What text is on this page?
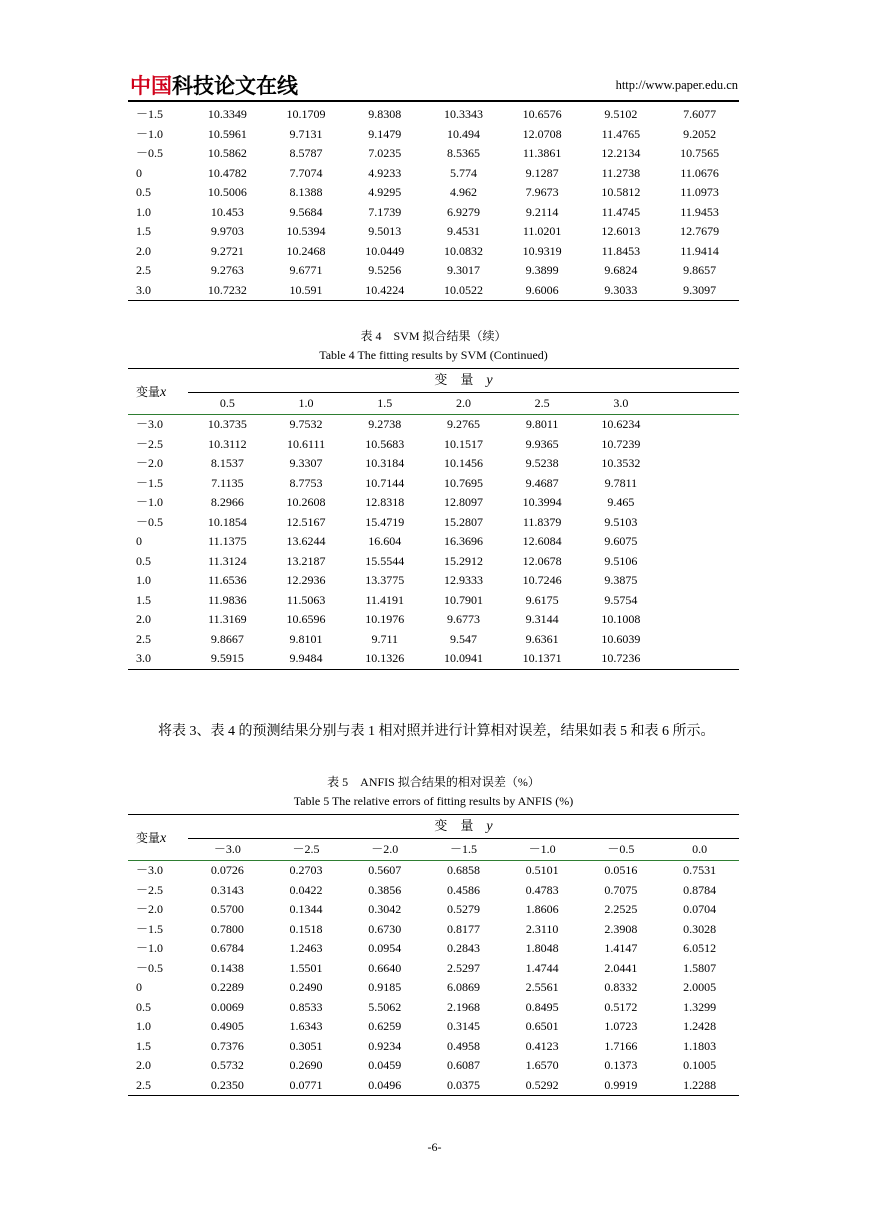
中国科技论文在线	http://www.paper.edu.cn
－1.5	10.3349	10.1709	9.8308	10.3343	10.6576	9.5102	7.6077
－1.0	10.5961	9.7131	9.1479	10.494	12.0708	11.4765	9.2052
－0.5	10.5862	8.5787	7.0235	8.5365	11.3861	12.2134	10.7565
0	10.4782	7.7074	4.9233	5.774	9.1287	11.2738	11.0676
0.5	10.5006	8.1388	4.9295	4.962	7.9673	10.5812	11.0973
1.0	10.453	9.5684	7.1739	6.9279	9.2114	11.4745	11.9453
1.5	9.9703	10.5394	9.5013	9.4531	11.0201	12.6013	12.7679
2.0	9.2721	10.2468	10.0449	10.0832	10.9319	11.8453	11.9414
2.5	9.2763	9.6771	9.5256	9.3017	9.3899	9.6824	9.8657
3.0	10.7232	10.591	10.4224	10.0522	9.6006	9.3033	9.3097
表 4　SVM 拟合结果（续）
Table 4 The fitting results by SVM (Continued)
变量x	变　量　 y						
	0.5	1.0	1.5	2.0	2.5	3.0	
－3.0	10.3735	9.7532	9.2738	9.2765	9.8011	10.6234	
－2.5	10.3112	10.6111	10.5683	10.1517	9.9365	10.7239	
－2.0	8.1537	9.3307	10.3184	10.1456	9.5238	10.3532	
－1.5	7.1135	8.7753	10.7144	10.7695	9.4687	9.7811	
－1.0	8.2966	10.2608	12.8318	12.8097	10.3994	9.465	
－0.5	10.1854	12.5167	15.4719	15.2807	11.8379	9.5103	
0	11.1375	13.6244	16.604	16.3696	12.6084	9.6075	
0.5	11.3124	13.2187	15.5544	15.2912	12.0678	9.5106	
1.0	11.6536	12.2936	13.3775	12.9333	10.7246	9.3875	
1.5	11.9836	11.5063	11.4191	10.7901	9.6175	9.5754	
2.0	11.3169	10.6596	10.1976	9.6773	9.3144	10.1008	
2.5	9.8667	9.8101	9.711	9.547	9.6361	10.6039	
3.0	9.5915	9.9484	10.1326	10.0941	10.1371	10.7236	
将表 3、表 4 的预测结果分别与表 1 相对照并进行计算相对误差，结果如表 5 和表 6 所示。
表 5　ANFIS 拟合结果的相对误差（%）
Table 5 The relative errors of fitting results by ANFIS (%)
变量x	变　量　 y						
	－3.0	－2.5	－2.0	－1.5	－1.0	－0.5	0.0
－3.0	0.0726	0.2703	0.5607	0.6858	0.5101	0.0516	0.7531
－2.5	0.3143	0.0422	0.3856	0.4586	0.4783	0.7075	0.8784
－2.0	0.5700	0.1344	0.3042	0.5279	1.8606	2.2525	0.0704
－1.5	0.7800	0.1518	0.6730	0.8177	2.3110	2.3908	0.3028
－1.0	0.6784	1.2463	0.0954	0.2843	1.8048	1.4147	6.0512
－0.5	0.1438	1.5501	0.6640	2.5297	1.4744	2.0441	1.5807
0	0.2289	0.2490	0.9185	6.0869	2.5561	0.8332	2.0005
0.5	0.0069	0.8533	5.5062	2.1968	0.8495	0.5172	1.3299
1.0	0.4905	1.6343	0.6259	0.3145	0.6501	1.0723	1.2428
1.5	0.7376	0.3051	0.9234	0.4958	0.4123	1.7166	1.1803
2.0	0.5732	0.2690	0.0459	0.6087	1.6570	0.1373	0.1005
2.5	0.2350	0.0771	0.0496	0.0375	0.5292	0.9919	1.2288
-6-
